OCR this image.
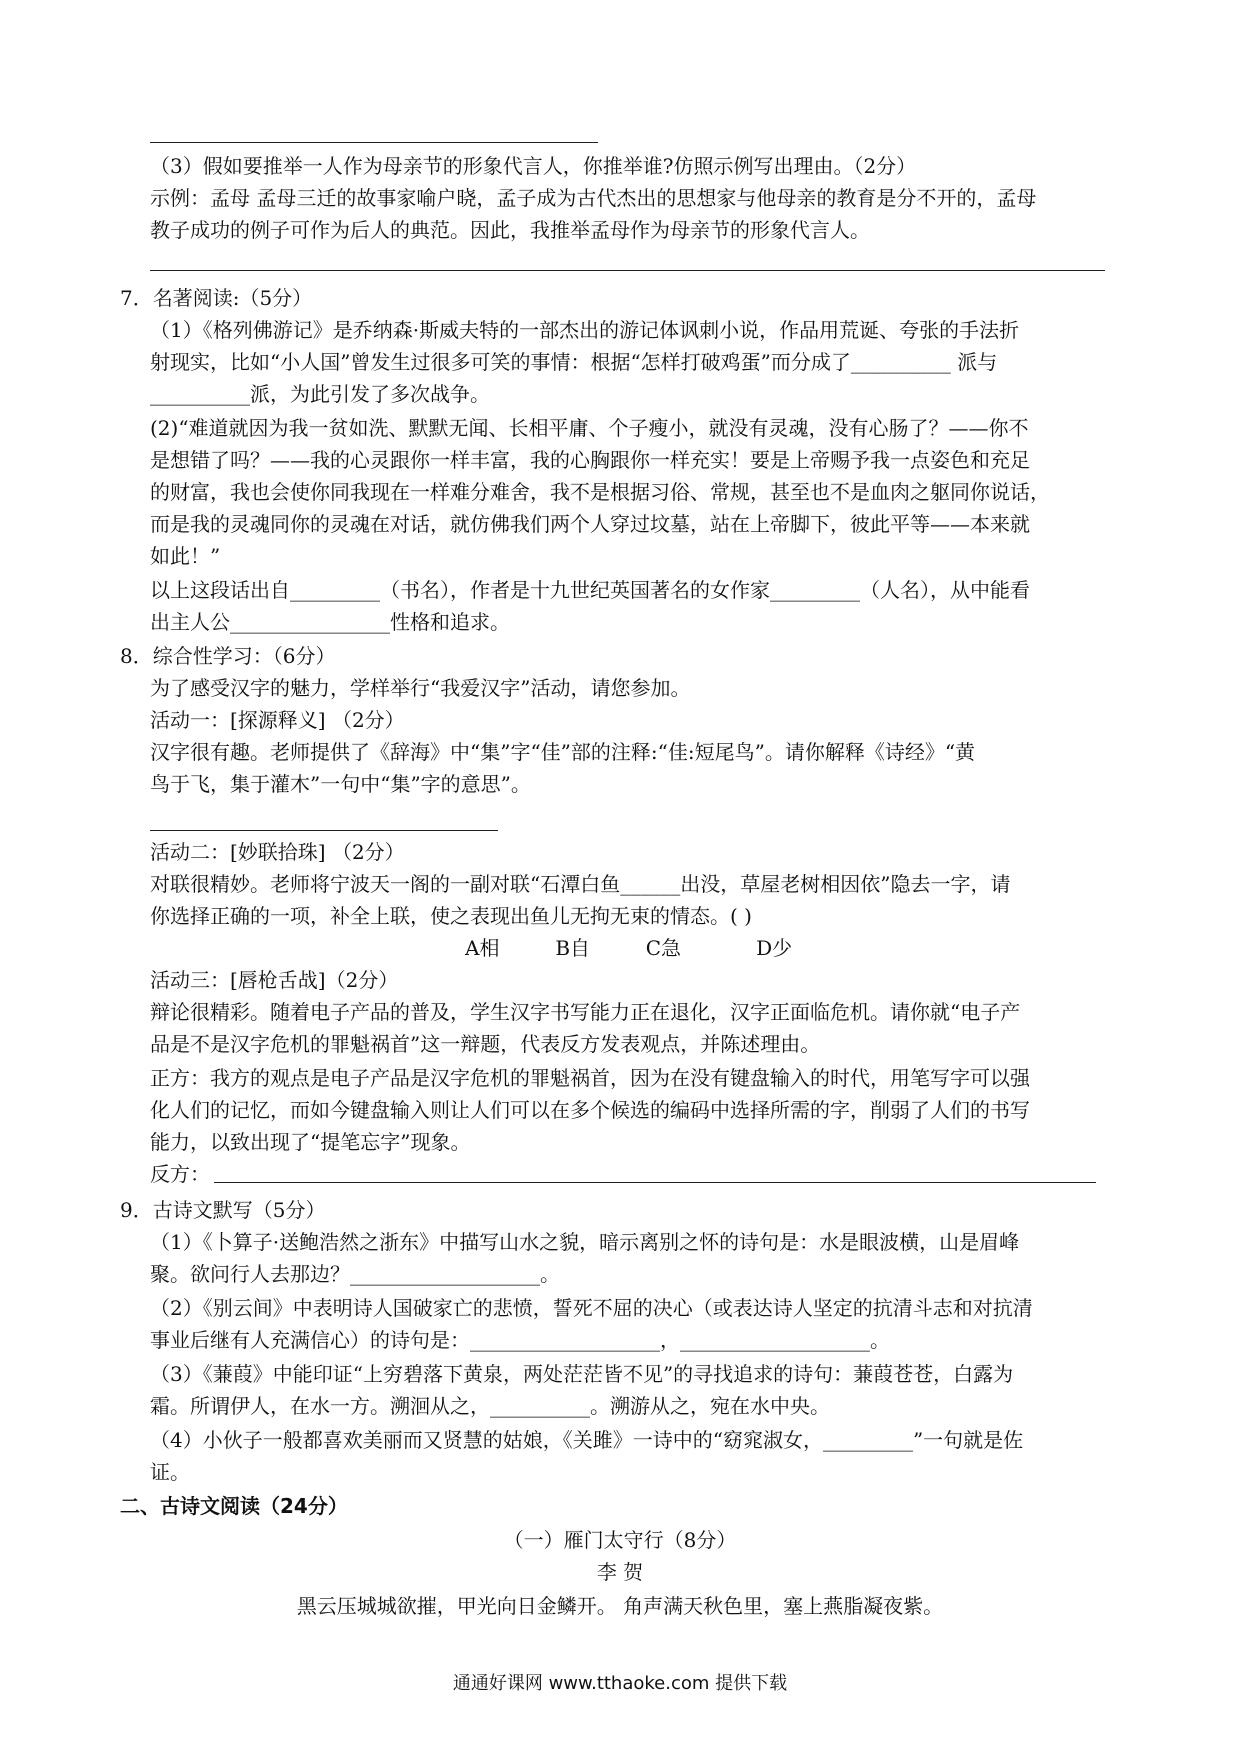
（3）假如要推举一人作为母亲节的形象代言人，你推举谁?仿照示例写出理由。（2分）
示例：孟母 孟母三迁的故事家喻户晓，孟子成为古代杰出的思想家与他母亲的教育是分不开的，孟母
教子成功的例子可作为后人的典范。因此，我推举孟母作为母亲节的形象代言人。
7．名著阅读:（5分）
（1）《格列佛游记》是乔纳森·斯威夫特的一部杰出的游记体讽刺小说，作品用荒诞、夸张的手法折
射现实，比如“小人国”曾发生过很多可笑的事情：根据“怎样打破鸡蛋”而分成了__________ 派与
__________派，为此引发了多次战争。
(2)“难道就因为我一贫如洗、默默无闻、长相平庸、个子瘦小，就没有灵魂，没有心肠了？——你不
是想错了吗？——我的心灵跟你一样丰富，我的心胸跟你一样充实！要是上帝赐予我一点姿色和充足
的财富，我也会使你同我现在一样难分难舍，我不是根据习俗、常规，甚至也不是血肉之躯同你说话，
而是我的灵魂同你的灵魂在对话，就仿佛我们两个人穿过坟墓，站在上帝脚下，彼此平等——本来就
如此！”
以上这段话出自_________（书名），作者是十九世纪英国著名的女作家_________（人名），从中能看
出主人公________________性格和追求。
8．综合性学习：（6分）
为了感受汉字的魅力，学样举行“我爱汉字”活动，请您参加。
活动一：[探源释义] （2分）
汉字很有趣。老师提供了《辞海》中“集”字“佳”部的注释:“佳:短尾鸟”。请你解释《诗经》“黄
鸟于飞，集于灌木”一句中“集”字的意思”。
活动二：[妙联拾珠] （2分）
对联很精妙。老师将宁波天一阁的一副对联“石潭白鱼______出没，草屋老树相因依”隐去一字，请
你选择正确的一项，补全上联，使之表现出鱼儿无拘无束的情态。( )
A相	B自	C急	D少
活动三：[唇枪舌战]（2分）
辩论很精彩。随着电子产品的普及，学生汉字书写能力正在退化，汉字正面临危机。请你就“电子产
品是不是汉字危机的罪魁祸首”这一辩题，代表反方发表观点，并陈述理由。
正方：我方的观点是电子产品是汉字危机的罪魁祸首，因为在没有键盘输入的时代，用笔写字可以强
化人们的记忆，而如今键盘输入则让人们可以在多个候选的编码中选择所需的字，削弱了人们的书写
能力，以致出现了“提笔忘字”现象。
反方：
9．古诗文默写（5分）
（1）《卜算子·送鲍浩然之浙东》中描写山水之貌，暗示离别之怀的诗句是：水是眼波横，山是眉峰
聚。欲问行人去那边？___________________。
（2）《别云间》中表明诗人国破家亡的悲愤，誓死不屈的决心（或表达诗人坚定的抗清斗志和对抗清
事业后继有人充满信心）的诗句是：___________________，___________________。
（3）《蒹葭》中能印证“上穷碧落下黄泉，两处茫茫皆不见”的寻找追求的诗句：蒹葭苍苍，白露为
霜。所谓伊人，在水一方。溯洄从之，__________。溯游从之，宛在水中央。
（4）小伙子一般都喜欢美丽而又贤慧的姑娘，《关雎》一诗中的“窈窕淑女，_________”一句就是佐
证。
二、古诗文阅读（24分）
（一）雁门太守行（8分）
李 贺
黑云压城城欲摧，甲光向日金鳞开。 角声满天秋色里，塞上燕脂凝夜紫。
通通好课网 www.tthaoke.com 提供下载
